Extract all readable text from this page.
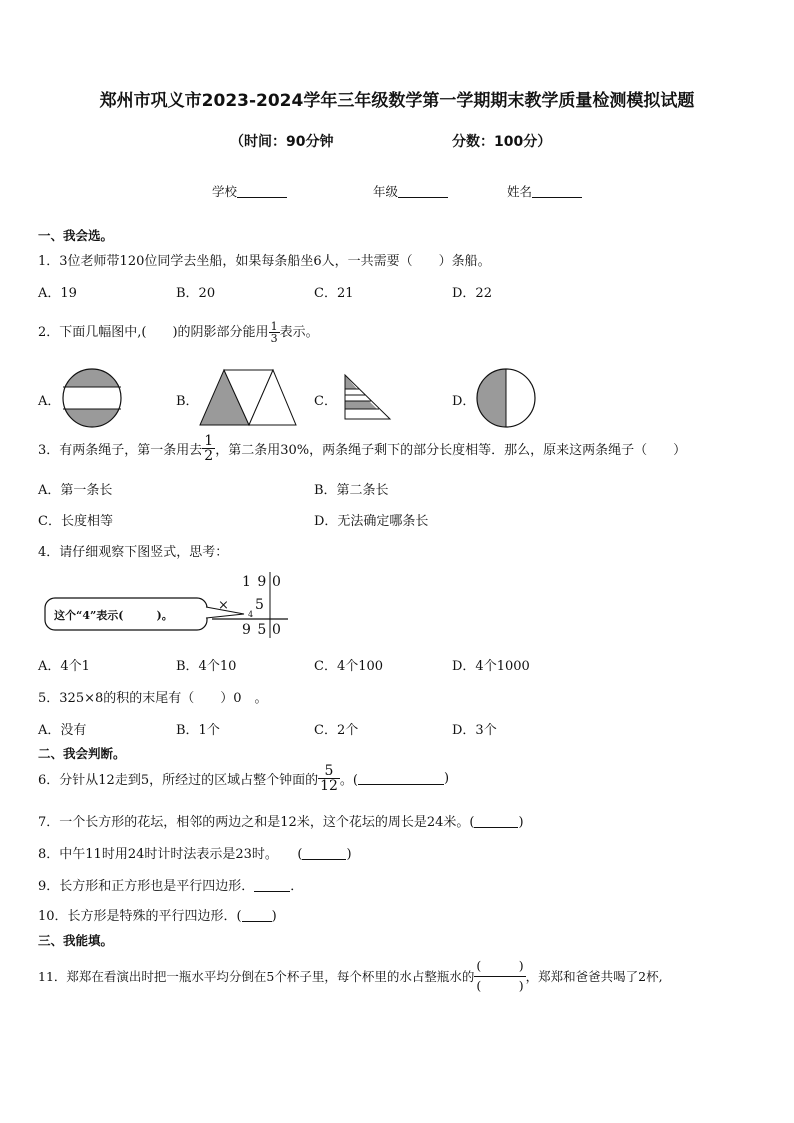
郑州市巩义市2023-2024学年三年级数学第一学期期末教学质量检测模拟试题
（时间：90分钟	分数：100分）
学校	年级	姓名
一、我会选。
1．3位老师带120位同学去坐船，如果每条船坐6人，一共需要（　　）条船。
A．19	B．20	C．21	D．22
2．下面几幅图中,(　　)的阴影部分能用 $\frac{1}{3}$ 表示。
A．	B．	C．	D．
3．有两条绳子，第一条用去 $\frac{1}{2}$ ，第二条用30%，两条绳子剩下的部分长度相等．那么，原来这两条绳子（　　）
A．第一条长	B．第二条长
C．长度相等	D．无法确定哪条长
4．请仔细观察下图竖式，思考：
这个“4”表示(　　　)。
1 9 0
×
4
5
9 5 0
A．4个1	B．4个10	C．4个100	D．4个1000
5．325×8的积的末尾有（　　）0　。
A．没有	B．1个	C．2个	D．3个
二、我会判断。
6．分针从12走到5，所经过的区域占整个钟面的 $\frac{5}{12}$ 。(	)
7．一个长方形的花坛，相邻的两边之和是12米，这个花坛的周长是24米。(	)
8．中午11时用24时计时法表示是23时。　　(	)
9．长方形和正方形也是平行四边形．	．
10．长方形是特殊的平行四边形．( )
三、我能填。
11．郑郑在看演出时把一瓶水平均分倒在5个杯子里，每个杯里的水占整瓶水的 $\frac{( )}{( )}$ ，郑郑和爸爸共喝了2杯,
